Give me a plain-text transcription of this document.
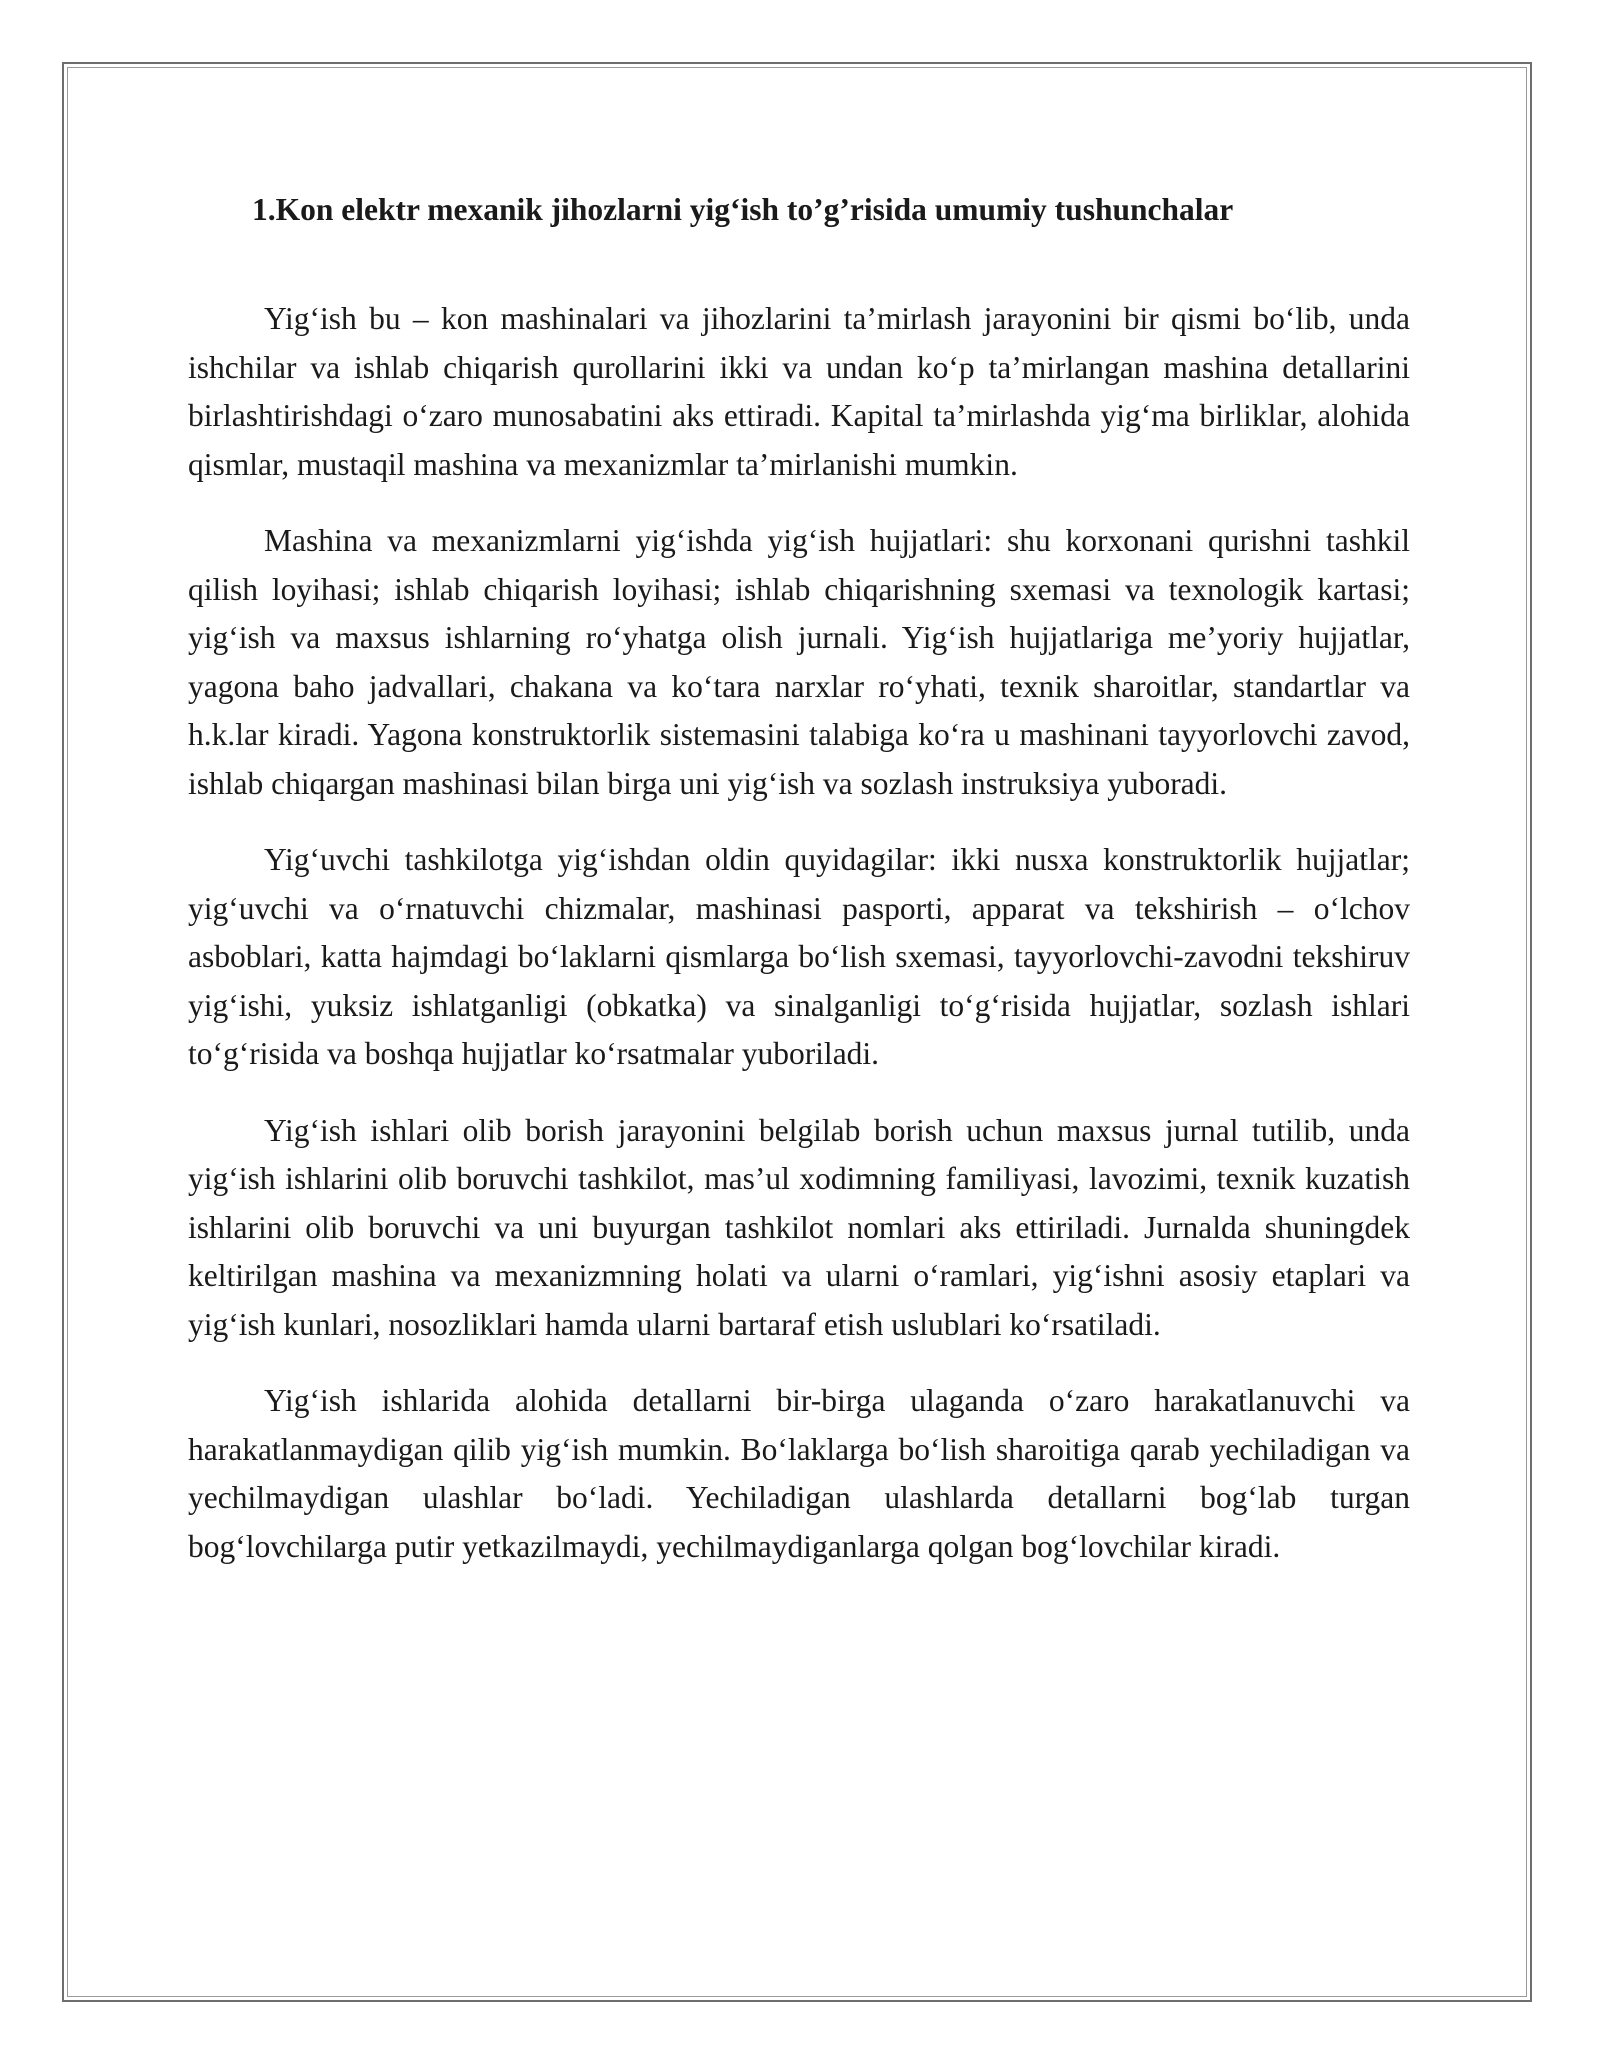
1.Kon elektr mexanik jihozlarni yig‘ish to’g’risida umumiy tushunchalar

Yig‘ish bu – kon mashinalari va jihozlarini ta’mirlash jarayonini bir qismi bo‘lib, unda ishchilar va ishlab chiqarish qurollarini ikki va undan ko‘p ta’mirlangan mashina detallarini birlashtirishdagi o‘zaro munosabatini aks ettiradi. Kapital ta’mirlashda yig‘ma birliklar, alohida qismlar, mustaqil mashina va mexanizmlar ta’mirlanishi mumkin.

Mashina va mexanizmlarni yig‘ishda yig‘ish hujjatlari: shu korxonani qurishni tashkil qilish loyihasi; ishlab chiqarish loyihasi; ishlab chiqarishning sxemasi va texnologik kartasi; yig‘ish va maxsus ishlarning ro‘yhatga olish jurnali. Yig‘ish hujjatlariga me’yoriy hujjatlar, yagona baho jadvallari, chakana va ko‘tara narxlar ro‘yhati, texnik sharoitlar, standartlar va h.k.lar kiradi. Yagona konstruktorlik sistemasini talabiga ko‘ra u mashinani tayyorlovchi zavod, ishlab chiqargan mashinasi bilan birga uni yig‘ish va sozlash instruksiya yuboradi.

Yig‘uvchi tashkilotga yig‘ishdan oldin quyidagilar: ikki nusxa konstruktorlik hujjatlar; yig‘uvchi va o‘rnatuvchi chizmalar, mashinasi pasporti, apparat va tekshirish – o‘lchov asboblari, katta hajmdagi bo‘laklarni qismlarga bo‘lish sxemasi, tayyorlovchi-zavodni tekshiruv yig‘ishi, yuksiz ishlatganligi (obkatka) va sinalganligi to‘g‘risida hujjatlar, sozlash ishlari to‘g‘risida va boshqa hujjatlar ko‘rsatmalar yuboriladi.

Yig‘ish ishlari olib borish jarayonini belgilab borish uchun maxsus jurnal tutilib, unda yig‘ish ishlarini olib boruvchi tashkilot, mas’ul xodimning familiyasi, lavozimi, texnik kuzatish ishlarini olib boruvchi va uni buyurgan tashkilot nomlari aks ettiriladi. Jurnalda shuningdek keltirilgan mashina va mexanizmning holati va ularni o‘ramlari, yig‘ishni asosiy etaplari va yig‘ish kunlari, nosozliklari hamda ularni bartaraf etish uslublari ko‘rsatiladi.

Yig‘ish ishlarida alohida detallarni bir-birga ulaganda o‘zaro harakatlanuvchi va harakatlanmaydigan qilib yig‘ish mumkin. Bo‘laklarga bo‘lish sharoitiga qarab yechiladigan va yechilmaydigan ulashlar bo‘ladi. Yechiladigan ulashlarda detallarni bog‘lab turgan bog‘lovchilarga putir yetkazilmaydi, yechilmaydiganlarga qolgan bog‘lovchilar kiradi.
